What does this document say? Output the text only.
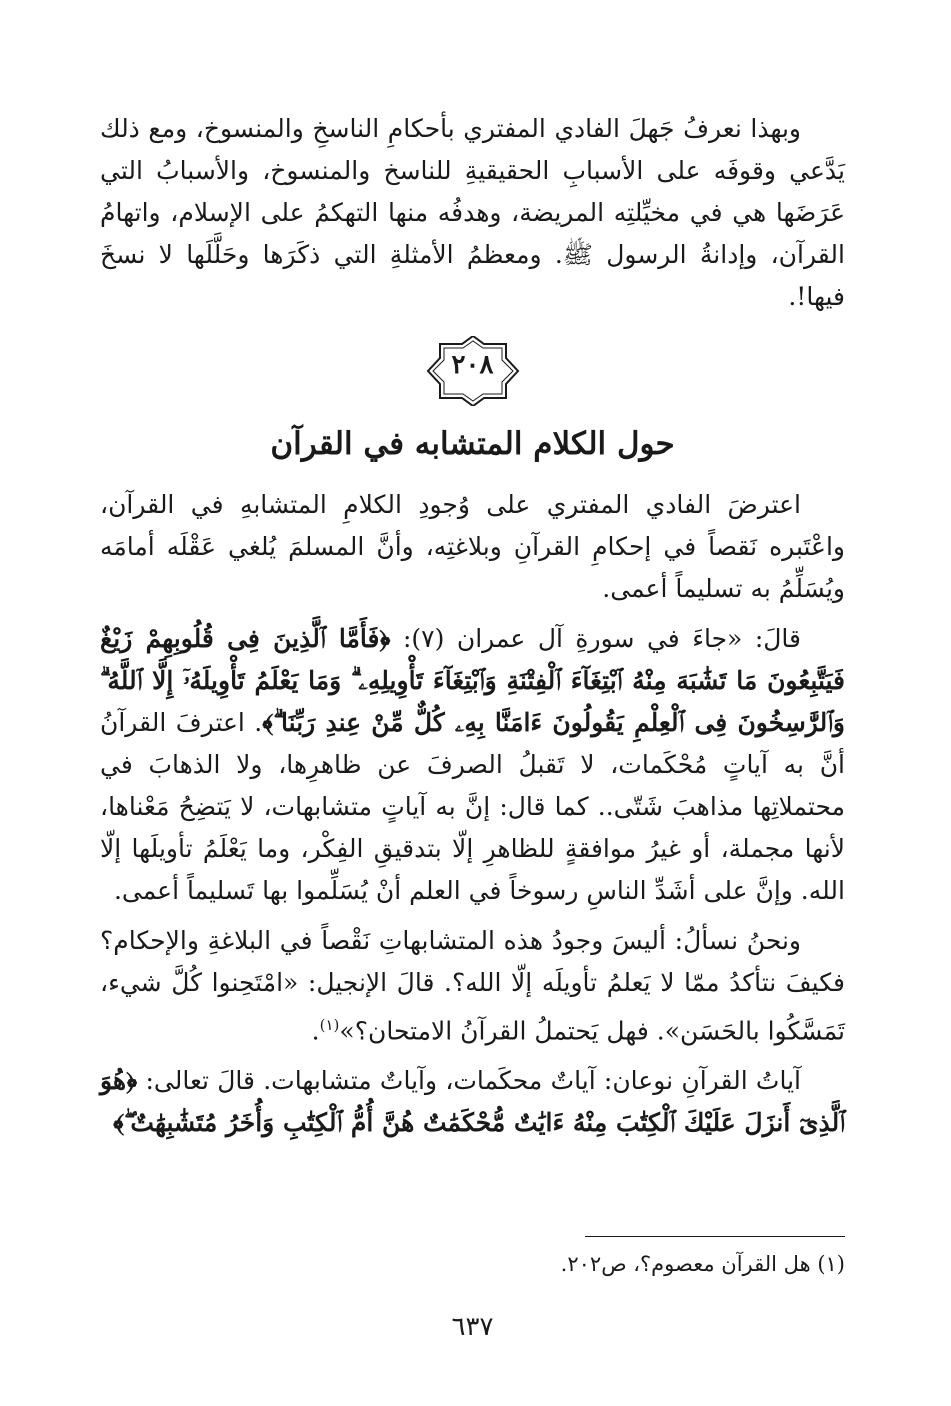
وبهذا نعرفُ جَهلَ الفادي المفتري بأحكامِ الناسخِ والمنسوخ، ومع ذلك يَدَّعي وقوفَه على الأسبابِ الحقيقيةِ للناسخ والمنسوخ، والأسبابُ التي عَرَضَها هي في مخيِّلتِه المريضة، وهدفُه منها التهكمُ على الإسلام، واتهامُ القرآن، وإدانةُ الرسول ﷺ. ومعظمُ الأمثلةِ التي ذكَرَها وحَلَّلَها لا نسخَ فيها!.

٢٠٨
حول الكلام المتشابه في القرآن

اعترضَ الفادي المفتري على وُجودِ الكلامِ المتشابهِ في القرآن، واعْتَبره نَقصاً في إحكامِ القرآنِ وبلاغتِه، وأنَّ المسلمَ يُلغي عَقْلَه أمامَه ويُسَلِّمُ به تسليماً أعمى.

قالَ: «جاءَ في سورةِ آل عمران (٧): ﴿فَأَمَّا ٱلَّذِينَ فِى قُلُوبِهِمْ زَيْغٌ فَيَتَّبِعُونَ مَا تَشَٰبَهَ مِنْهُ ٱبْتِغَآءَ ٱلْفِتْنَةِ وَٱبْتِغَآءَ تَأْوِيلِهِۦ ۗ وَمَا يَعْلَمُ تَأْوِيلَهُۥٓ إِلَّا ٱللَّهُ ۗ وَٱلرَّٰسِخُونَ فِى ٱلْعِلْمِ يَقُولُونَ ءَامَنَّا بِهِۦ كُلٌّ مِّنْ عِندِ رَبِّنَا ۗ﴾. اعترفَ القرآنُ أنَّ به آياتٍ مُحْكَمات، لا تَقبلُ الصرفَ عن ظاهرِها، ولا الذهابَ في محتملاتِها مذاهبَ شَتّى.. كما قال: إنَّ به آياتٍ متشابهات، لا يَتضِحُ مَعْناها، لأنها مجملة، أو غيرُ موافقةٍ للظاهرِ إلّا بتدقيقِ الفِكْر، وما يَعْلَمُ تأويلَها إلّا الله. وإنَّ على أشَدِّ الناسِ رسوخاً في العلم أنْ يُسَلِّموا بها تَسليماً أعمى.

ونحنُ نسألُ: أليسَ وجودُ هذه المتشابهاتِ نَقْصاً في البلاغةِ والإحكام؟ فكيفَ نتأكدُ ممّا لا يَعلمُ تأويلَه إلّا الله؟. قالَ الإنجيل: «امْتَحِنوا كُلَّ شيء، تَمَسَّكُوا بالحَسَن». فهل يَحتملُ القرآنُ الامتحان؟»$^{(١)}$.

آياتُ القرآنِ نوعان: آياتٌ محكَمات، وآياتٌ متشابهات. قالَ تعالى: ﴿هُوَ ٱلَّذِىٓ أَنزَلَ عَلَيْكَ ٱلْكِتَٰبَ مِنْهُ ءَايَٰتٌ مُّحْكَمَٰتٌ هُنَّ أُمُّ ٱلْكِتَٰبِ وَأُخَرُ مُتَشَٰبِهَٰتٌ ۖ﴾

(١) هل القرآن معصوم؟، ص٢٠٢.
٦٣٧
